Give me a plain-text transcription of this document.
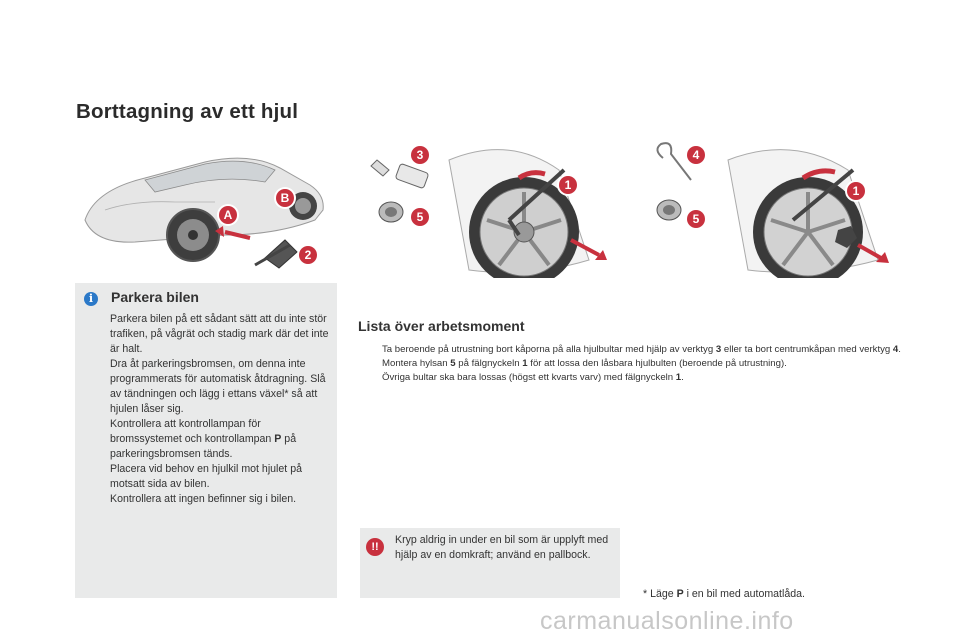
Borttagning av ett hjul
A
B
2
3
5
1
4
5
1
i	Parkera bilen

Parkera bilen på ett sådant sätt att du inte stör trafiken, på vågrät och stadig mark där det inte är halt.

Dra åt parkeringsbromsen, om denna inte programmerats för automatisk åtdragning. Slå av tändningen och lägg i ettans växel* så att hjulen låser sig.

Kontrollera att kontrollampan för bromssystemet och kontrollampan P på parkeringsbromsen tänds.

Placera vid behov en hjulkil mot hjulet på motsatt sida av bilen.

Kontrollera att ingen befinner sig i bilen.

Lista över arbetsmoment
Ta beroende på utrustning bort kåporna på alla hjulbultar med hjälp av verktyg 3 eller ta bort centrumkåpan med verktyg 4.
Montera hylsan 5 på fälgnyckeln 1 för att lossa den låsbara hjulbulten (beroende på utrustning).
Övriga bultar ska bara lossas (högst ett kvarts varv) med fälgnyckeln 1.
!!
Kryp aldrig in under en bil som är upplyft med hjälp av en domkraft; använd en pallbock.
* Läge P i en bil med automatlåda.
carmanualsonline.info
